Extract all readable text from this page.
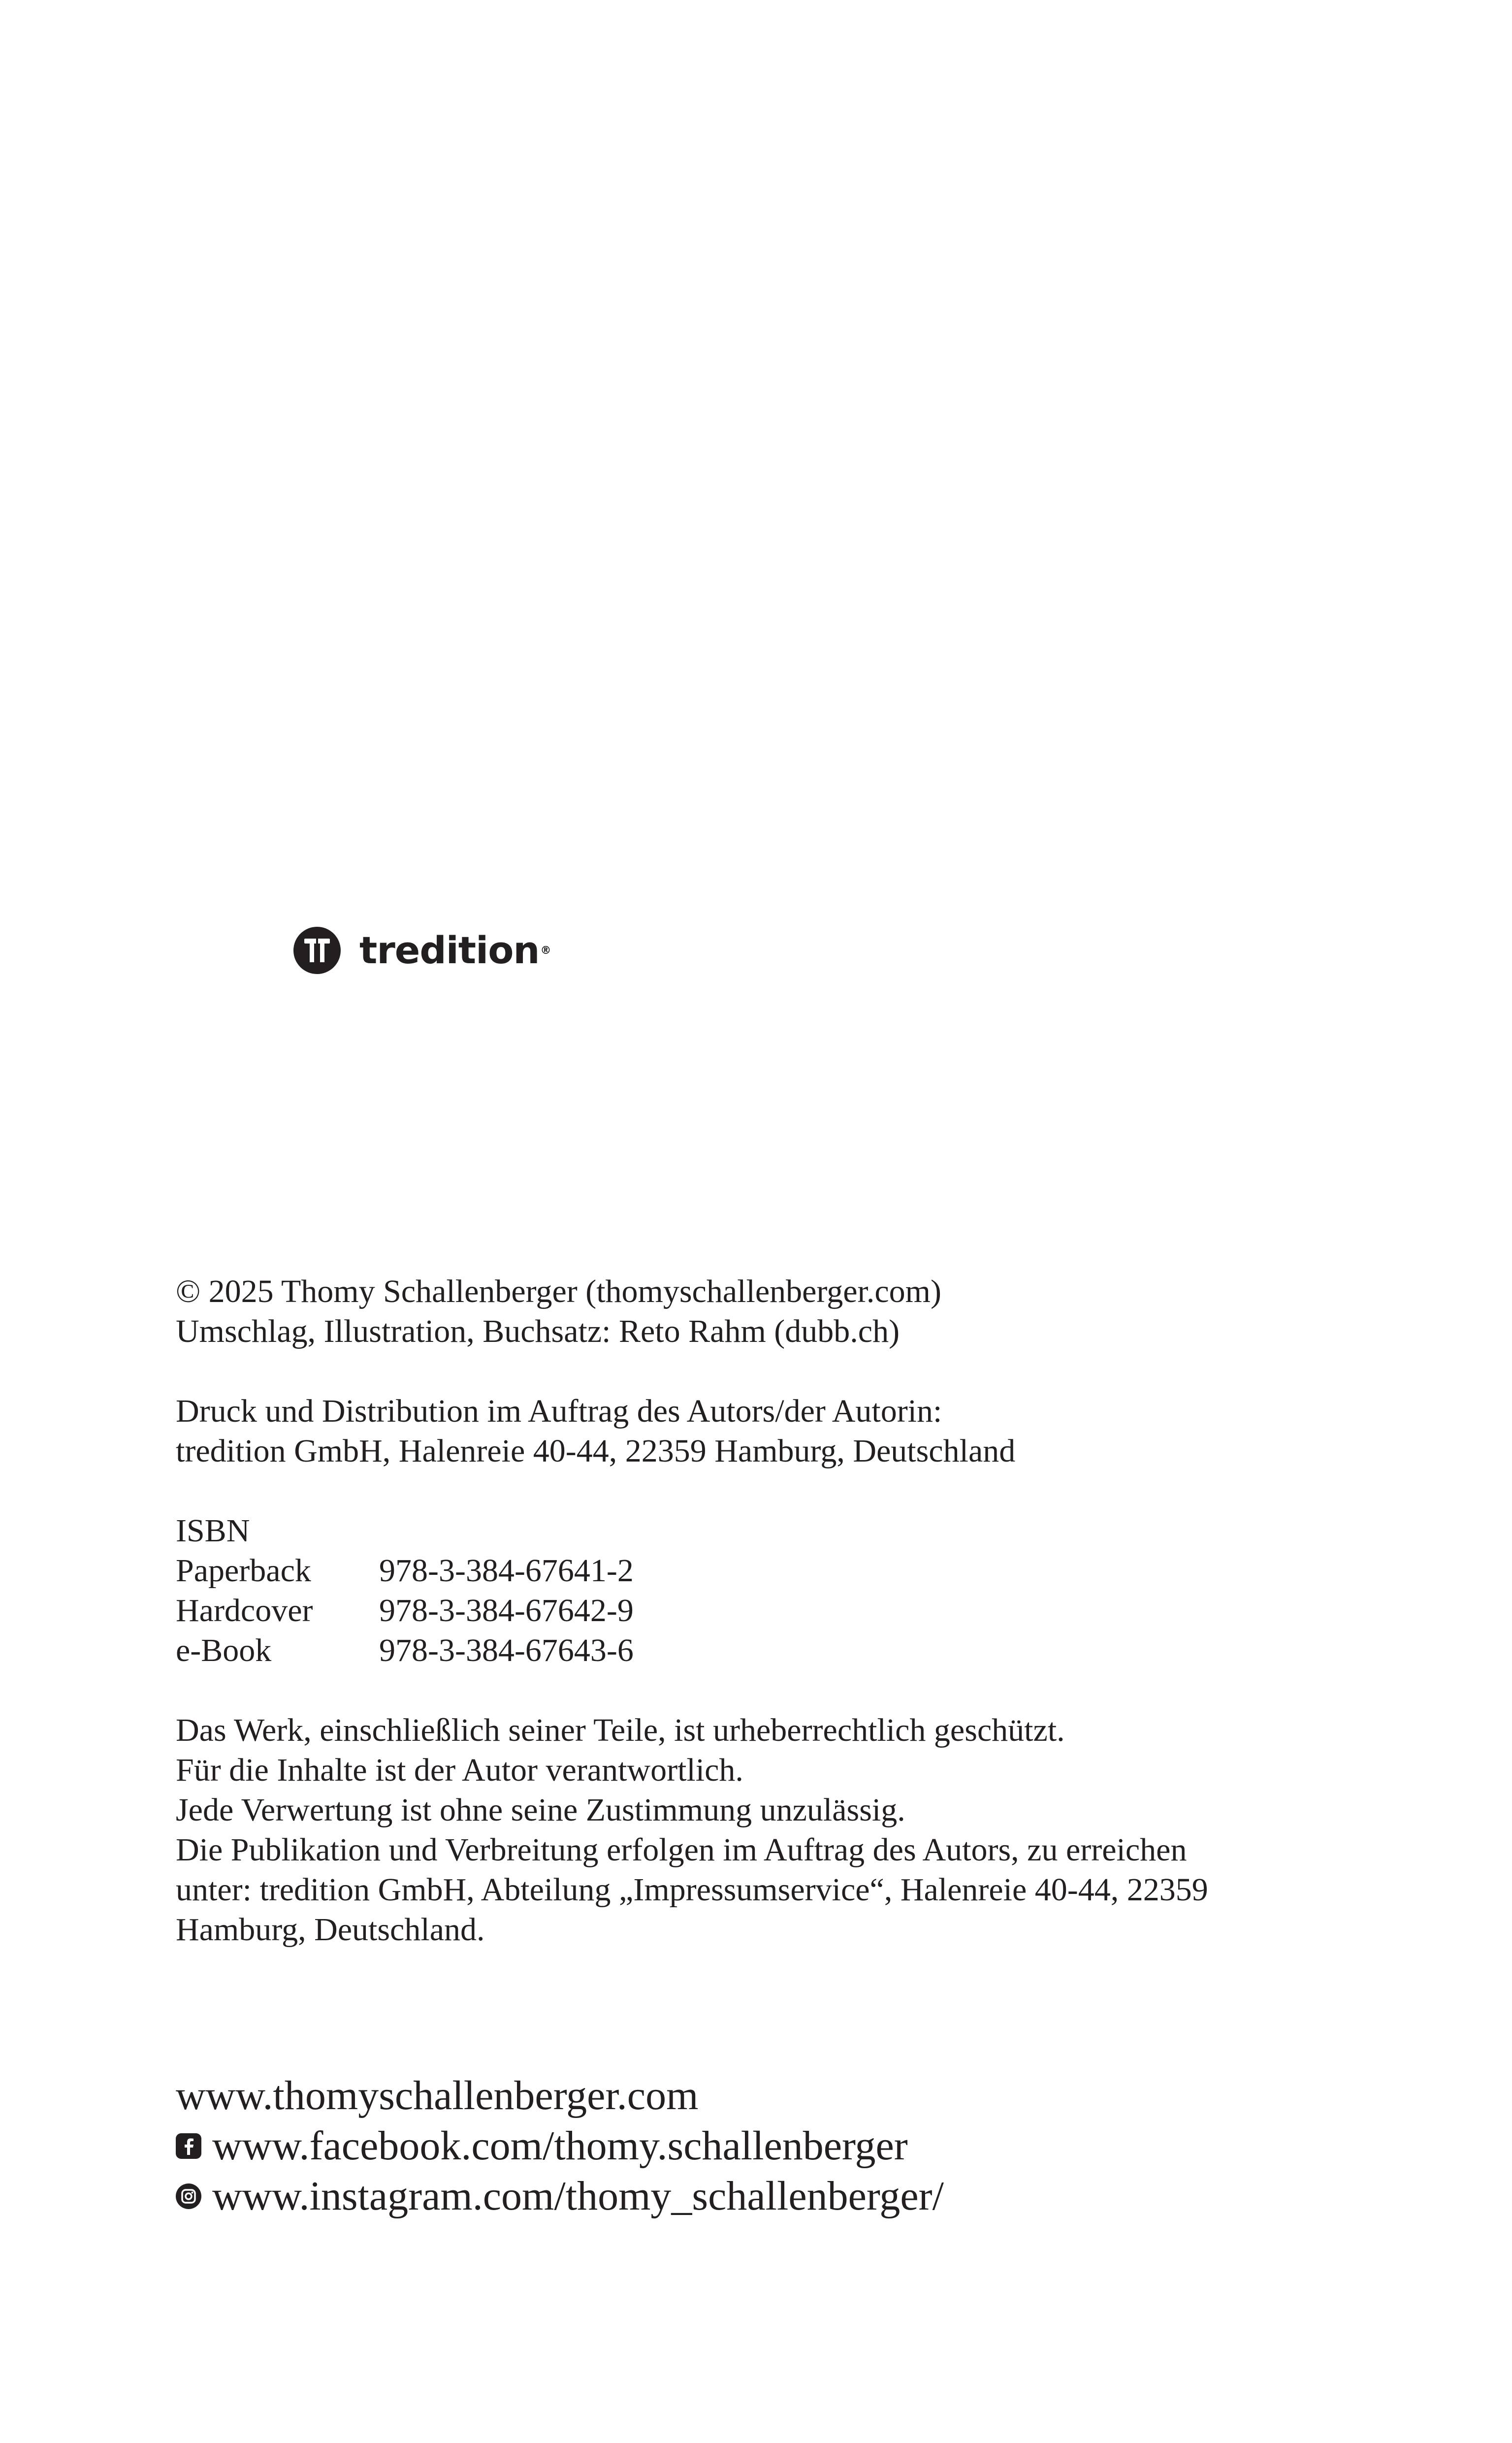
tredition ®

© 2025 Thomy Schallenberger (thomyschallenberger.com)

Umschlag, Illustration, Buchsatz: Reto Rahm (dubb.ch)

Druck und Distribution im Auftrag des Autors/der Autorin:

tredition GmbH, Halenreie 40-44, 22359 Hamburg, Deutschland

ISBN

Paperback	978-3-384-67641-2
Hardcover	978-3-384-67642-9
e-Book	978-3-384-67643-6

Das Werk, einschließlich seiner Teile, ist urheberrechtlich geschützt.

Für die Inhalte ist der Autor verantwortlich.

Jede Verwertung ist ohne seine Zustimmung unzulässig.

Die Publikation und Verbreitung erfolgen im Auftrag des Autors, zu erreichen

unter: tredition GmbH, Abteilung „Impressumservice“, Halenreie 40-44, 22359

Hamburg, Deutschland.

www.thomyschallenberger.com
www.facebook.com/thomy.schallenberger
www.instagram.com/thomy_schallenberger/
